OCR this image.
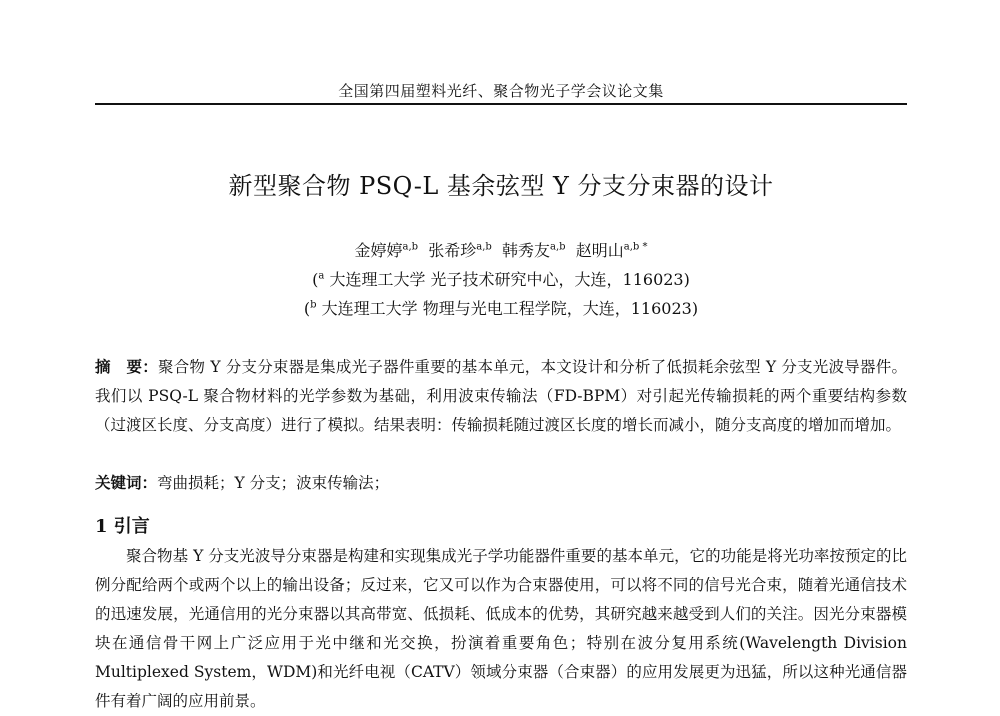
全国第四届塑料光纤、聚合物光子学会议论文集
新型聚合物 PSQ-L 基余弦型 Y 分支分束器的设计
金婷婷$^{a,b}$ 张希珍$^{a,b}$ 韩秀友$^{a,b}$ 赵明山$^{a,b *}$
($^a$ 大连理工大学 光子技术研究中心，大连，116023)
($^b$ 大连理工大学 物理与光电工程学院，大连，116023)
摘　要：聚合物 Y 分支分束器是集成光子器件重要的基本单元，本文设计和分析了低损耗余弦型 Y 分支光波导器件。我们以 PSQ-L 聚合物材料的光学参数为基础，利用波束传输法（FD-BPM）对引起光传输损耗的两个重要结构参数（过渡区长度、分支高度）进行了模拟。结果表明：传输损耗随过渡区长度的增长而减小，随分支高度的增加而增加。
关键词：弯曲损耗；Y 分支；波束传输法；
1 引言
聚合物基 Y 分支光波导分束器是构建和实现集成光子学功能器件重要的基本单元，它的功能是将光功率按预定的比例分配给两个或两个以上的输出设备；反过来，它又可以作为合束器使用，可以将不同的信号光合束，随着光通信技术的迅速发展，光通信用的光分束器以其高带宽、低损耗、低成本的优势，其研究越来越受到人们的关注。因光分束器模块在通信骨干网上广泛应用于光中继和光交换，扮演着重要角色；特别在波分复用系统(Wavelength Division Multiplexed System，WDM)和光纤电视（CATV）领域分束器（合束器）的应用发展更为迅猛，所以这种光通信器件有着广阔的应用前景。
